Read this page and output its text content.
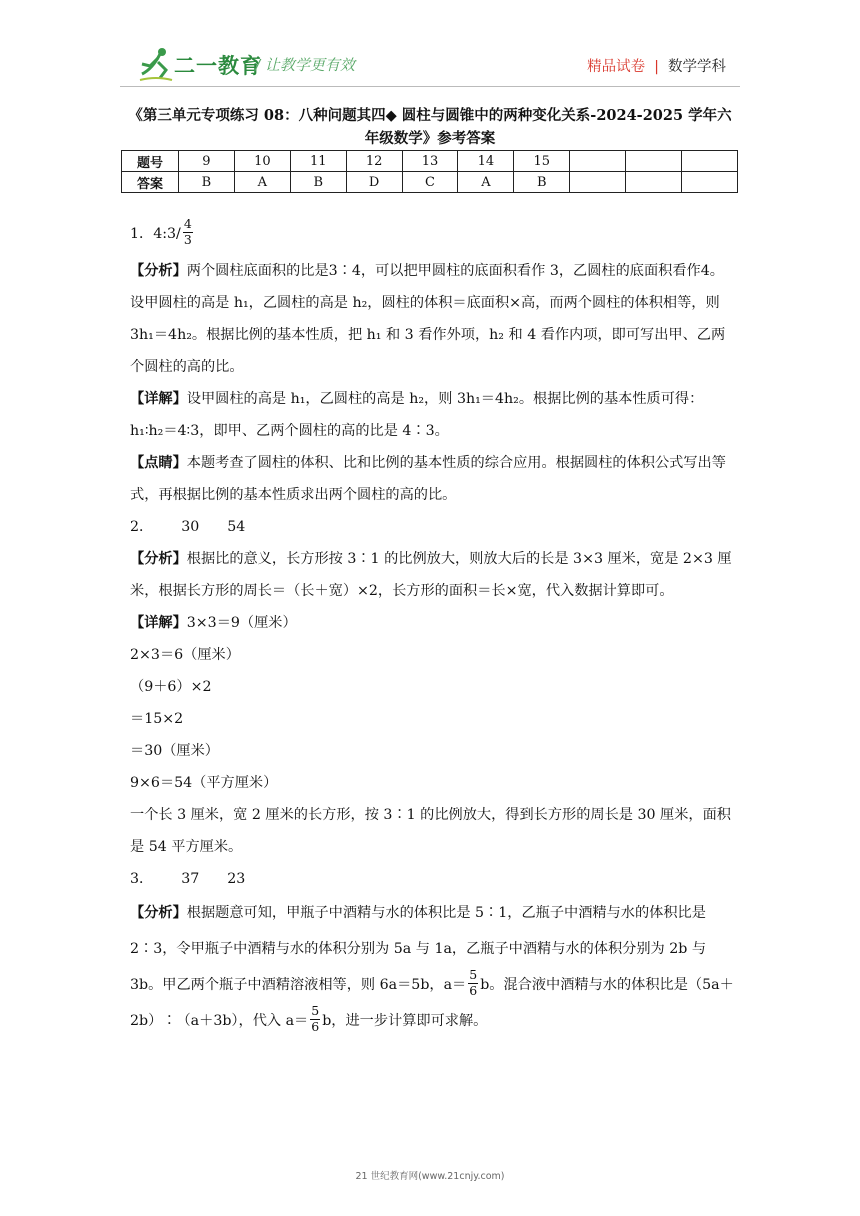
二一教育
/ 让教学更有效	精品试卷 | 数学学科
《第三单元专项练习 08：八种问题其四◆ 圆柱与圆锥中的两种变化关系-2024-2025 学年六
年级数学》参考答案
题号	9	10	11	12	13	14	15			
答案	B	A	B	D	C	A	B			

1．4:3/ $\frac{4}{3}$

【分析】两个圆柱底面积的比是3∶4，可以把甲圆柱的底面积看作 3，乙圆柱的底面积看作4。设甲圆柱的高是 h₁，乙圆柱的高是 h₂，圆柱的体积＝底面积×高，而两个圆柱的体积相等，则 3h₁＝4h₂。根据比例的基本性质，把 h₁ 和 3 看作外项，h₂ 和 4 看作内项，即可写出甲、乙两个圆柱的高的比。

【详解】设甲圆柱的高是 h₁，乙圆柱的高是 h₂，则 3h₁＝4h₂。根据比例的基本性质可得：h₁∶h₂＝4∶3，即甲、乙两个圆柱的高的比是 4∶3。

【点睛】本题考查了圆柱的体积、比和比例的基本性质的综合应用。根据圆柱的体积公式写出等式，再根据比例的基本性质求出两个圆柱的高的比。

2． 30 54

【分析】根据比的意义，长方形按 3∶1 的比例放大，则放大后的长是 3×3 厘米，宽是 2×3 厘米，根据长方形的周长＝（长＋宽）×2，长方形的面积＝长×宽，代入数据计算即可。

【详解】3×3＝9（厘米）

2×3＝6（厘米）

（9＋6）×2

＝15×2

＝30（厘米）

9×6＝54（平方厘米）

一个长 3 厘米，宽 2 厘米的长方形，按 3∶1 的比例放大，得到长方形的周长是 30 厘米，面积是 54 平方厘米。

3． 37 23

【分析】根据题意可知，甲瓶子中酒精与水的体积比是 5∶1，乙瓶子中酒精与水的体积比是 2∶3，令甲瓶子中酒精与水的体积分别为 5a 与 1a，乙瓶子中酒精与水的体积分别为 2b 与 3b。甲乙两个瓶子中酒精溶液相等，则 6a＝5b，$a= \frac{5}{6}$ b。混合液中酒精与水的体积比是（5a＋2b）∶（a＋3b），代入 $a= \frac{5}{6}$ b，进一步计算即可求解。

21 世纪教育网(www.21cnjy.com)
